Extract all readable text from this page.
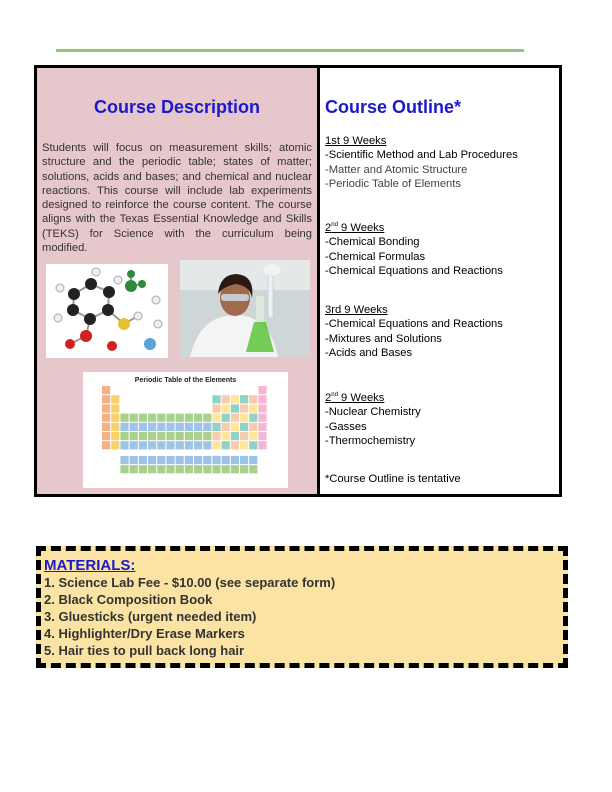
Course Description
Students will focus on measurement skills; atomic structure and the periodic table; states of matter; solutions, acids and bases; and chemical and nuclear reactions. This course will include lab experiments designed to reinforce the course content. The course aligns with the Texas Essential Knowledge and Skills (TEKS) for Science with the curriculum being modified.
Periodic Table of the Elements
Course Outline*
1st 9 Weeks
-Scientific Method and Lab Procedures
-Matter and Atomic Structure
-Periodic Table of Elements
2nd 9 Weeks
-Chemical Bonding
-Chemical Formulas
-Chemical Equations and Reactions
3rd 9 Weeks
-Chemical Equations and Reactions
-Mixtures and Solutions
-Acids and Bases
2nd 9 Weeks
-Nuclear Chemistry
-Gasses
-Thermochemistry
*Course Outline is tentative
MATERIALS:
1. Science Lab Fee - $10.00 (see separate form)
2. Black Composition Book
3. Gluesticks (urgent needed item)
4. Highlighter/Dry Erase Markers
5. Hair ties to pull back long hair
